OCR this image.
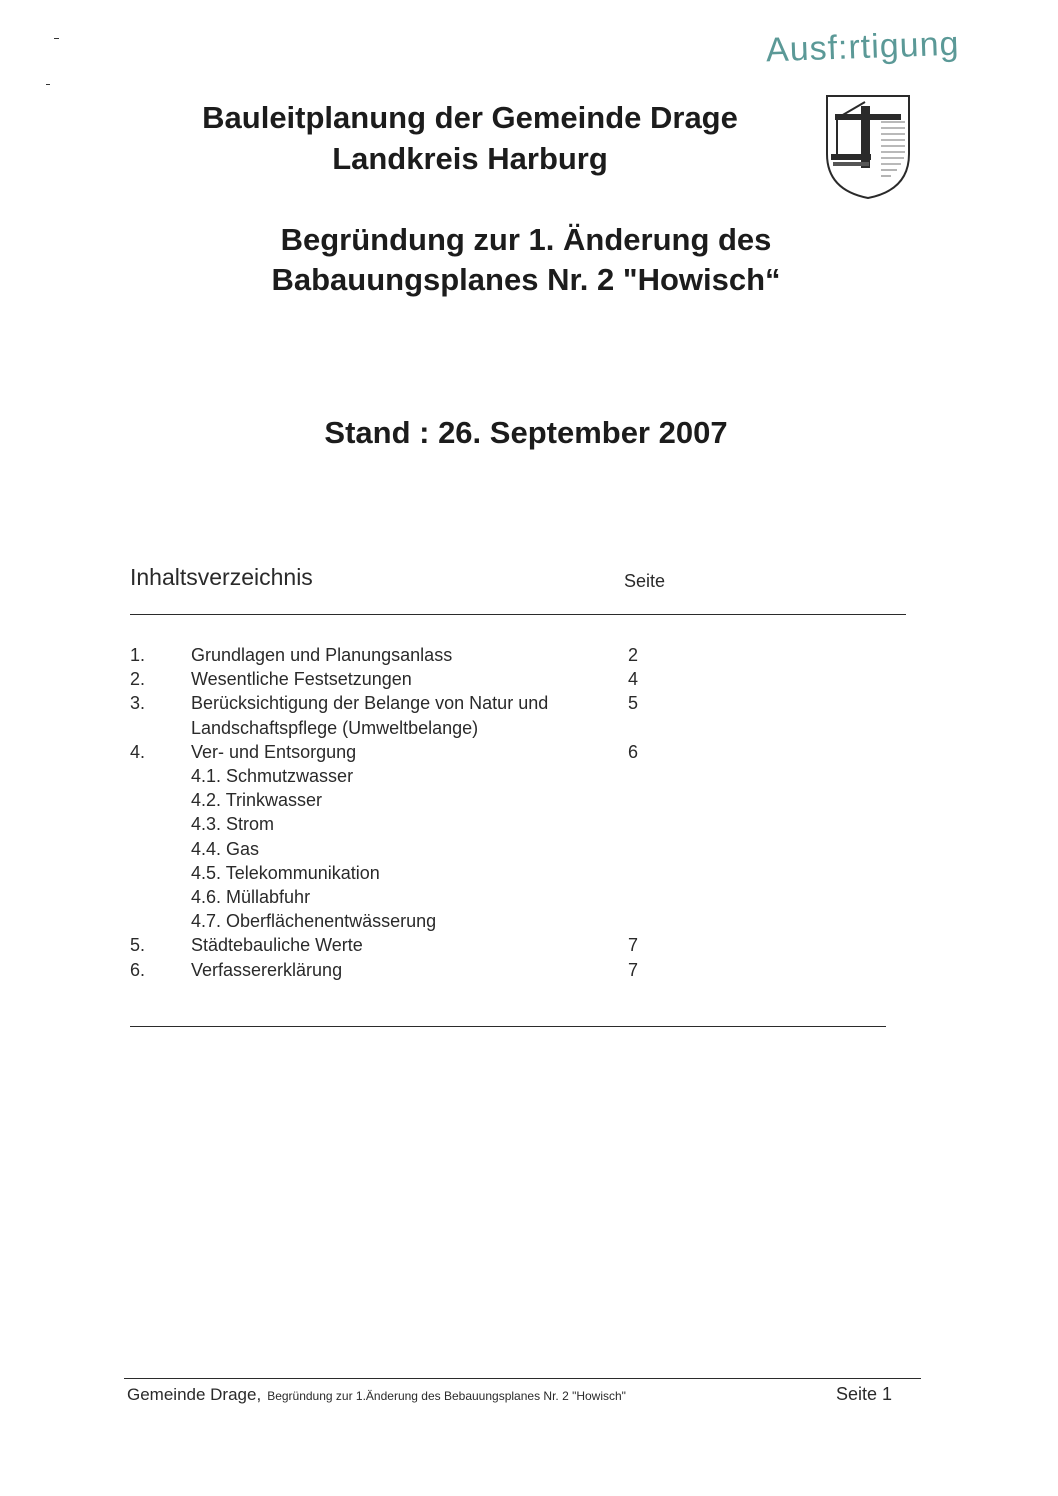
Ausf:rtigung
Bauleitplanung der Gemeinde Drage
Landkreis Harburg
Begründung zur 1. Änderung des
Babauungsplanes Nr. 2 "Howisch“
Stand : 26. September 2007
Inhaltsverzeichnis	Seite
1.	Grundlagen und Planungsanlass	2
2.	Wesentliche Festsetzungen	4
3.	Berücksichtigung der Belange von Natur und	5
Landschaftspflege (Umweltbelange)
4.	Ver- und Entsorgung	6
4.1. Schmutzwasser
4.2. Trinkwasser
4.3. Strom
4.4. Gas
4.5. Telekommunikation
4.6. Müllabfuhr
4.7. Oberflächenentwässerung
5.	Städtebauliche Werte	7
6.	Verfassererklärung	7
Gemeinde Drage, Begründung zur 1.Änderung des Bebauungsplanes Nr. 2 "Howisch"	Seite 1
